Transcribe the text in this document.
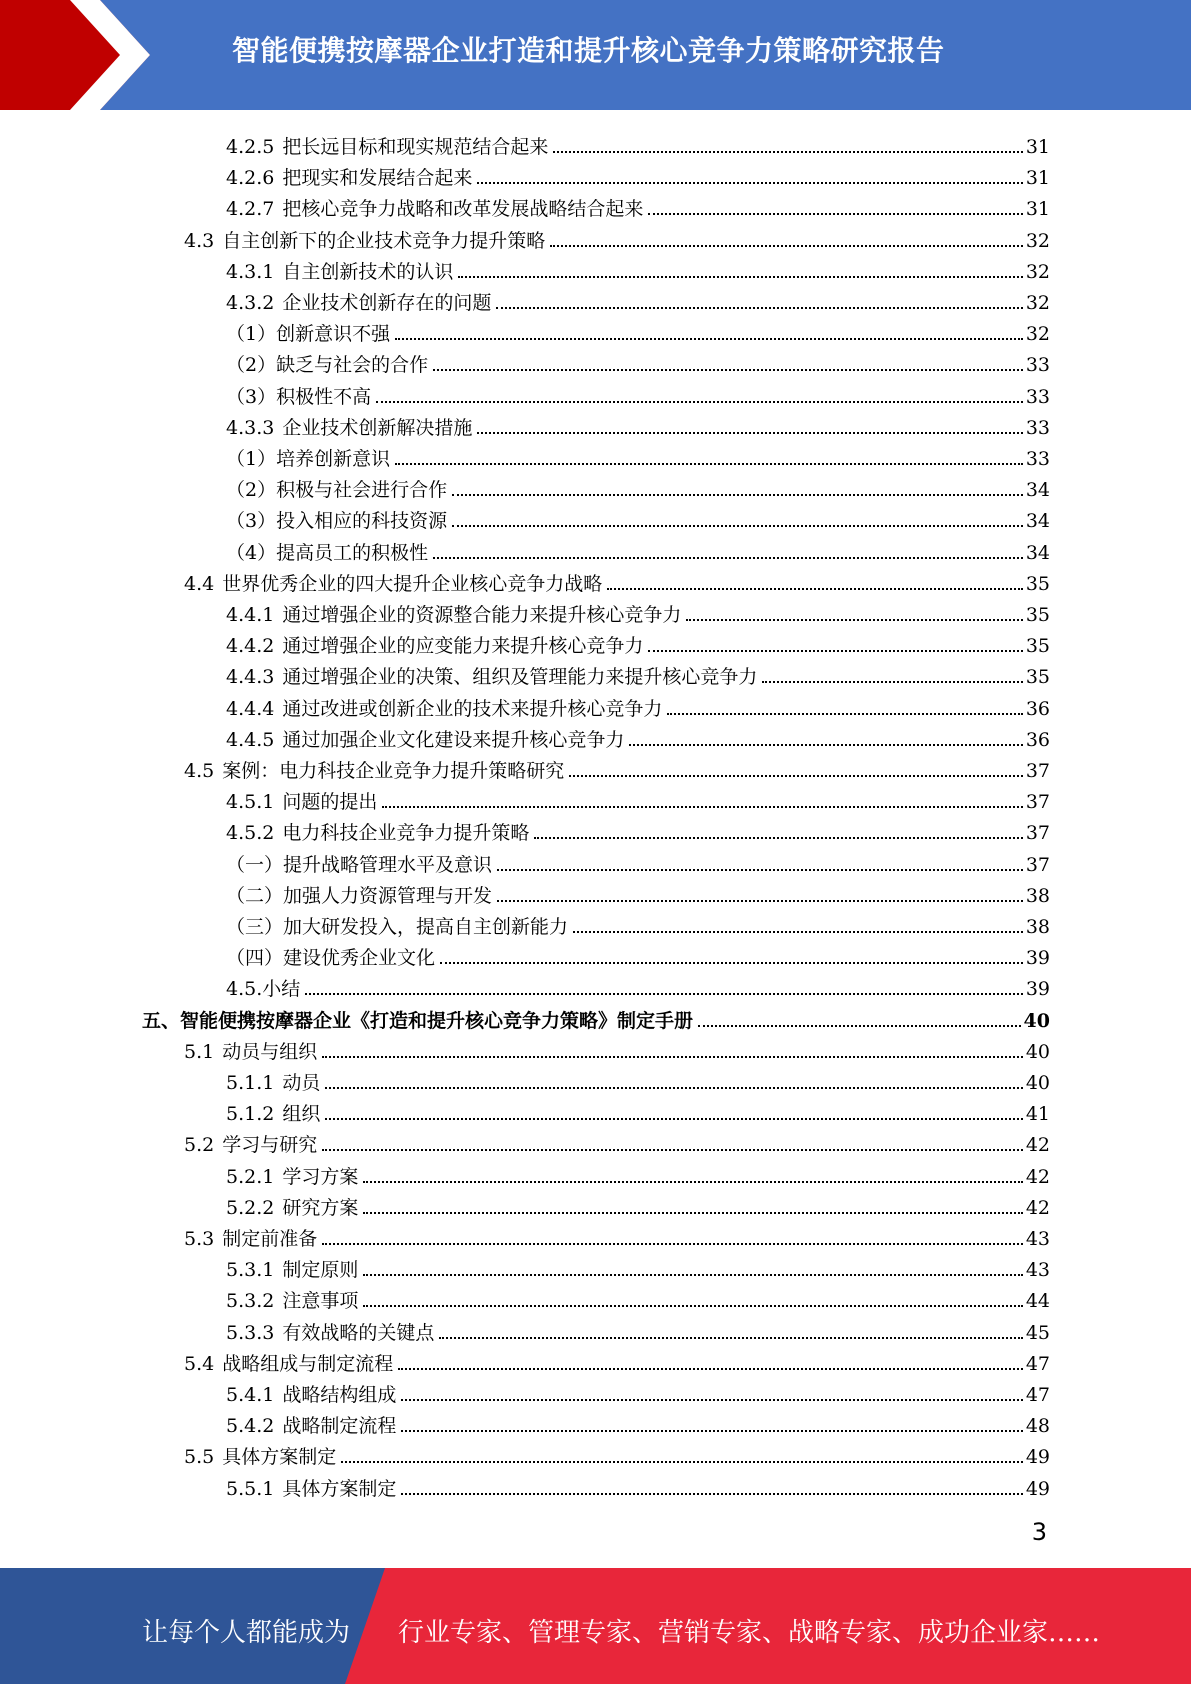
智能便携按摩器企业打造和提升核心竞争力策略研究报告
4.2.5 把长远目标和现实规范结合起来	31
4.2.6 把现实和发展结合起来	31
4.2.7 把核心竞争力战略和改革发展战略结合起来	31
4.3 自主创新下的企业技术竞争力提升策略	32
4.3.1 自主创新技术的认识	32
4.3.2 企业技术创新存在的问题	32
（1）创新意识不强	32
（2）缺乏与社会的合作	33
（3）积极性不高	33
4.3.3 企业技术创新解决措施	33
（1）培养创新意识	33
（2）积极与社会进行合作	34
（3）投入相应的科技资源	34
（4）提高员工的积极性	34
4.4 世界优秀企业的四大提升企业核心竞争力战略	35
4.4.1 通过增强企业的资源整合能力来提升核心竞争力	35
4.4.2 通过增强企业的应变能力来提升核心竞争力	35
4.4.3 通过增强企业的决策、组织及管理能力来提升核心竞争力	35
4.4.4 通过改进或创新企业的技术来提升核心竞争力	36
4.4.5 通过加强企业文化建设来提升核心竞争力	36
4.5 案例：电力科技企业竞争力提升策略研究	37
4.5.1 问题的提出	37
4.5.2 电力科技企业竞争力提升策略	37
（一）提升战略管理水平及意识	37
（二）加强人力资源管理与开发	38
（三）加大研发投入，提高自主创新能力	38
（四）建设优秀企业文化	39
4.5.小结	39
五、智能便携按摩器企业《打造和提升核心竞争力策略》制定手册	40
5.1 动员与组织	40
5.1.1 动员	40
5.1.2 组织	41
5.2 学习与研究	42
5.2.1 学习方案	42
5.2.2 研究方案	42
5.3 制定前准备	43
5.3.1 制定原则	43
5.3.2 注意事项	44
5.3.3 有效战略的关键点	45
5.4 战略组成与制定流程	47
5.4.1 战略结构组成	47
5.4.2 战略制定流程	48
5.5 具体方案制定	49
5.5.1 具体方案制定	49
3
让每个人都能成为 行业专家、管理专家、营销专家、战略专家、成功企业家……
